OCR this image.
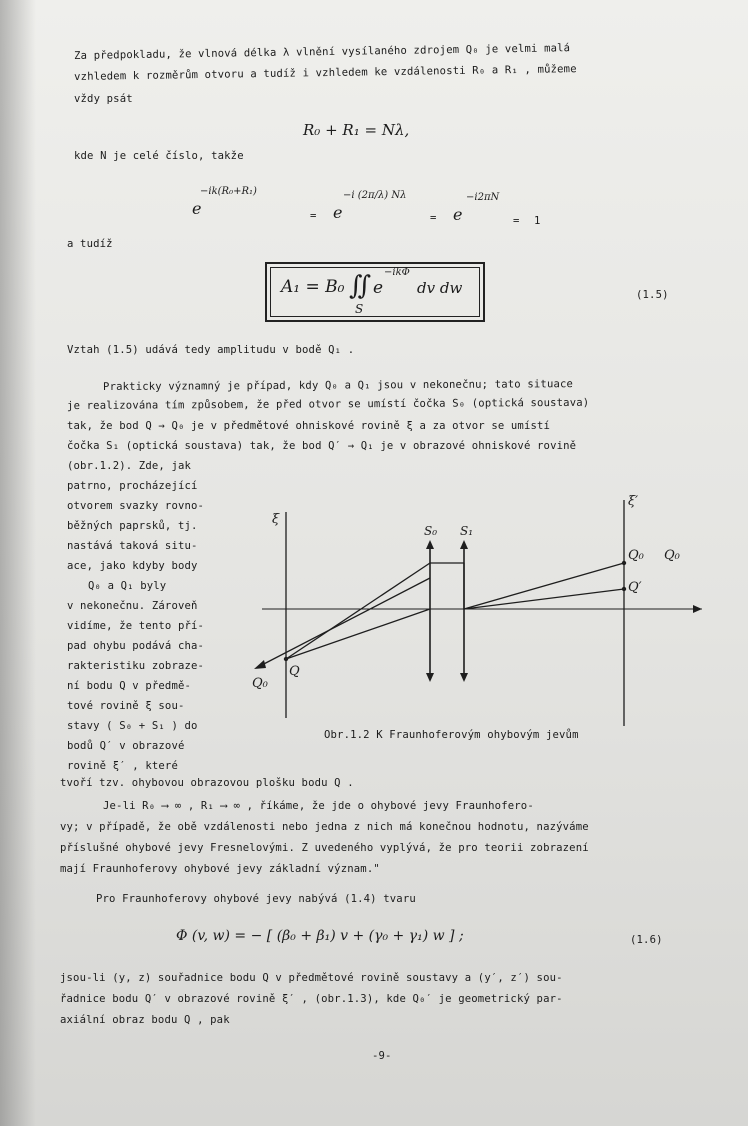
Za předpokladu, že vlnová délka λ vlnění vysílaného zdrojem Q₀ je velmi malá
vzhledem k rozměrům otvoru a tudíž i vzhledem ke vzdálenosti R₀ a R₁ , můžeme
vždy psát
R₀ + R₁ = Nλ,
kde N je celé číslo, takže
e
−ik(R₀+R₁)
= e
−i (2π/λ) Nλ
= e
−i2πN
= 1
a tudíž
A₁ = B₀ ∬ e
−ikΦ
dv dw
S
(1.5)
Vztah (1.5) udává tedy amplitudu v bodě Q₁ .
Prakticky významný je případ, kdy Q₀ a Q₁ jsou v nekonečnu; tato situace
je realizována tím způsobem, že před otvor se umístí čočka S₀ (optická soustava)
tak, že bod Q → Q₀ je v předmětové ohniskové rovině ξ a za otvor se umístí
čočka S₁ (optická soustava) tak, že bod Q′ → Q₁ je v obrazové ohniskové rovině
(obr.1.2). Zde, jak
patrno, procházející
otvorem svazky rovno-
běžných paprsků, tj.
nastává taková situ-
ace, jako kdyby body
Q₀ a Q₁ byly
v nekonečnu. Zároveň
vidíme, že tento pří-
pad ohybu podává cha-
rakteristiku zobraze-
ní bodu Q v předmě-
tové rovině ξ sou-
stavy ( S₀ + S₁ ) do
bodů Q′ v obrazové
rovině ξ′ , které
tvoří tzv. ohybovou obrazovou plošku bodu Q .
ξ
ξ′
S₀ S₁
Q₀ Q₀
Q′
Q
Q₀
Obr.1.2 K Fraunhoferovým ohybovým jevům
Je-li R₀ ⟶ ∞ , R₁ ⟶ ∞ , říkáme, že jde o ohybové jevy Fraunhofero-
vy; v případě, že obě vzdálenosti nebo jedna z nich má konečnou hodnotu, nazýváme
příslušné ohybové jevy Fresnelovými. Z uvedeného vyplývá, že pro teorii zobrazení
mají Fraunhoferovy ohybové jevy základní význam."
Pro Fraunhoferovy ohybové jevy nabývá (1.4) tvaru
Φ (v, w) = − [ (β₀ + β₁) v + (γ₀ + γ₁) w ] ;	(1.6)
jsou-li (y, z) souřadnice bodu Q v předmětové rovině soustavy a (y′, z′) sou-
řadnice bodu Q′ v obrazové rovině ξ′ , (obr.1.3), kde Q₀′ je geometrický par-
axiální obraz bodu Q , pak
-9-
